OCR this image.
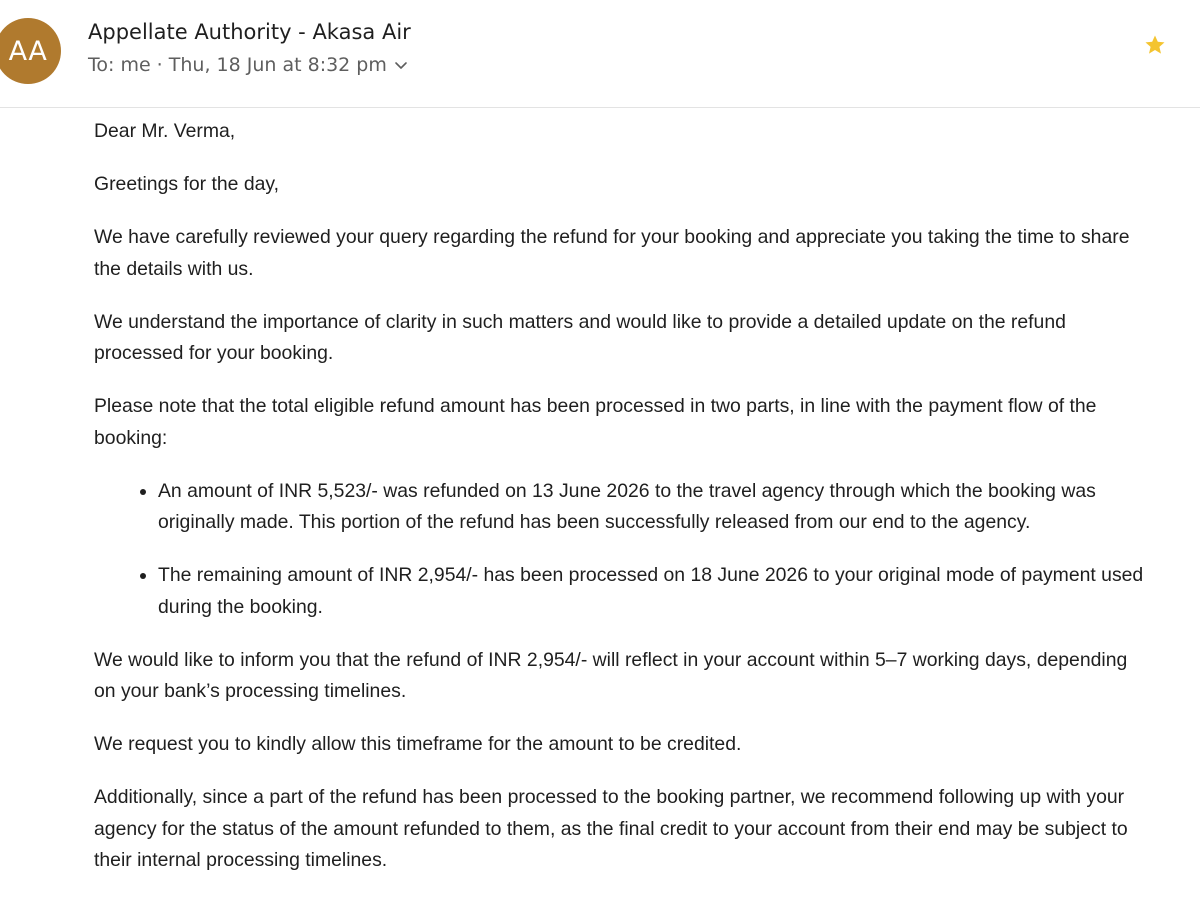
AA
Appellate Authority - Akasa Air
To: me · Thu, 18 Jun at 8:32 pm

Dear Mr. Verma,

Greetings for the day,

We have carefully reviewed your query regarding the refund for your booking and appreciate you taking the time to share the details with us.

We understand the importance of clarity in such matters and would like to provide a detailed update on the refund processed for your booking.

Please note that the total eligible refund amount has been processed in two parts, in line with the payment flow of the booking:

An amount of INR 5,523/- was refunded on 13 June 2026 to the travel agency through which the booking was originally made. This portion of the refund has been successfully released from our end to the agency.
The remaining amount of INR 2,954/- has been processed on 18 June 2026 to your original mode of payment used during the booking.

We would like to inform you that the refund of INR 2,954/- will reflect in your account within 5–7 working days, depending on your bank’s processing timelines.

We request you to kindly allow this timeframe for the amount to be credited.

Additionally, since a part of the refund has been processed to the booking partner, we recommend following up with your agency for the status of the amount refunded to them, as the final credit to your account from their end may be subject to their internal processing timelines.
